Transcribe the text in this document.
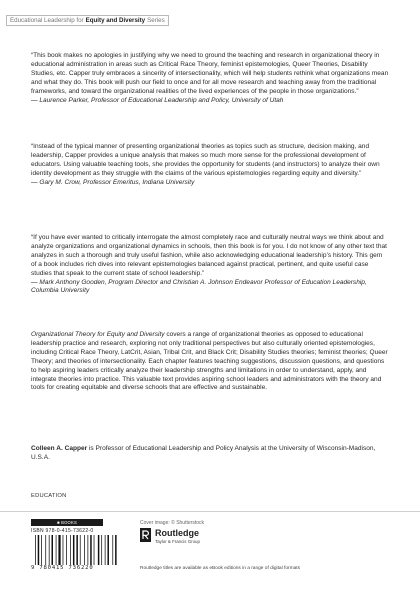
Educational Leadership for Equity and Diversity Series
“This book makes no apologies in justifying why we need to ground the teaching and research in organizational theory in educational administration in areas such as Critical Race Theory, feminist epistemologies, Queer Theories, Disability Studies, etc. Capper truly embraces a sincerity of intersectionality, which will help students rethink what organizations mean and what they do. This book will push our field to once and for all move research and teaching away from the traditional frameworks, and toward the organizational realities of the lived experiences of the people in those organizations.”
— Laurence Parker, Professor of Educational Leadership and Policy, University of Utah
“Instead of the typical manner of presenting organizational theories as topics such as structure, decision making, and leadership, Capper provides a unique analysis that makes so much more sense for the professional development of educators. Using valuable teaching tools, she provides the opportunity for students (and instructors) to analyze their own identity development as they struggle with the claims of the various epistemologies regarding equity and diversity.”
— Gary M. Crow, Professor Emeritus, Indiana University
“If you have ever wanted to critically interrogate the almost completely race and culturally neutral ways we think about and analyze organizations and organizational dynamics in schools, then this book is for you. I do not know of any other text that analyzes in such a thorough and truly useful fashion, while also acknowledging educational leadership’s history. This gem of a book includes rich dives into relevant epistemologies balanced against practical, pertinent, and quite useful case studies that speak to the current state of school leadership.”
— Mark Anthony Gooden, Program Director and Christian A. Johnson Endeavor Professor of Education Leadership, Columbia University
Organizational Theory for Equity and Diversity covers a range of organizational theories as opposed to educational leadership practice and research, exploring not only traditional perspectives but also culturally oriented epistemologies, including Critical Race Theory, LatCrit, Asian, Tribal Crit, and Black Crit; Disability Studies theories; feminist theories; Queer Theory; and theories of intersectionality. Each chapter features teaching suggestions, discussion questions, and questions to help aspiring leaders critically analyze their leadership strengths and limitations in order to understand, apply, and integrate theories into practice. This valuable text provides aspiring school leaders and administrators with the theory and tools for creating equitable and diverse schools that are effective and sustainable.
Colleen A. Capper is Professor of Educational Leadership and Policy Analysis at the University of Wisconsin-Madison, U.S.A.
EDUCATION
■ BOOKS
ISBN 978-0-415-73622-0
9 780415 736220
Cover image: © Shutterstock
Routledge
Taylor & Francis Group
Routledge titles are available as eBook editions in a range of digital formats
